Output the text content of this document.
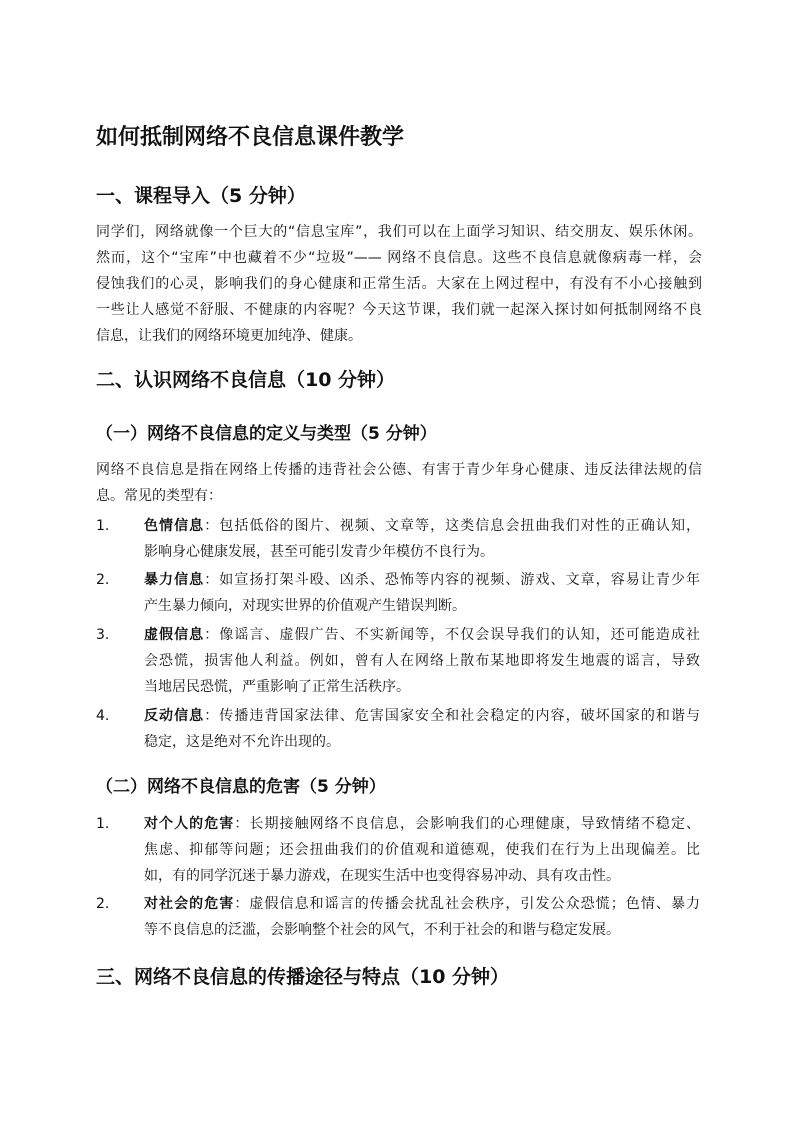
如何抵制网络不良信息课件教学
一、课程导入（5 分钟）
同学们，网络就像一个巨大的“信息宝库”，我们可以在上面学习知识、结交朋友、娱乐休闲。
然而，这个“宝库”中也藏着不少“垃圾”—— 网络不良信息。这些不良信息就像病毒一样，会
侵蚀我们的心灵，影响我们的身心健康和正常生活。大家在上网过程中，有没有不小心接触到
一些让人感觉不舒服、不健康的内容呢？今天这节课，我们就一起深入探讨如何抵制网络不良
信息，让我们的网络环境更加纯净、健康。
二、认识网络不良信息（10 分钟）
（一）网络不良信息的定义与类型（5 分钟）
网络不良信息是指在网络上传播的违背社会公德、有害于青少年身心健康、违反法律法规的信
息。常见的类型有：
1. 色情信息：包括低俗的图片、视频、文章等，这类信息会扭曲我们对性的正确认知，
影响身心健康发展，甚至可能引发青少年模仿不良行为。
2. 暴力信息：如宣扬打架斗殴、凶杀、恐怖等内容的视频、游戏、文章，容易让青少年
产生暴力倾向，对现实世界的价值观产生错误判断。
3. 虚假信息：像谣言、虚假广告、不实新闻等，不仅会误导我们的认知，还可能造成社
会恐慌，损害他人利益。例如，曾有人在网络上散布某地即将发生地震的谣言，导致
当地居民恐慌，严重影响了正常生活秩序。
4. 反动信息：传播违背国家法律、危害国家安全和社会稳定的内容，破坏国家的和谐与
稳定，这是绝对不允许出现的。
（二）网络不良信息的危害（5 分钟）
1. 对个人的危害：长期接触网络不良信息，会影响我们的心理健康，导致情绪不稳定、
焦虑、抑郁等问题；还会扭曲我们的价值观和道德观，使我们在行为上出现偏差。比
如，有的同学沉迷于暴力游戏，在现实生活中也变得容易冲动、具有攻击性。
2. 对社会的危害：虚假信息和谣言的传播会扰乱社会秩序，引发公众恐慌；色情、暴力
等不良信息的泛滥，会影响整个社会的风气，不利于社会的和谐与稳定发展。
三、网络不良信息的传播途径与特点（10 分钟）
